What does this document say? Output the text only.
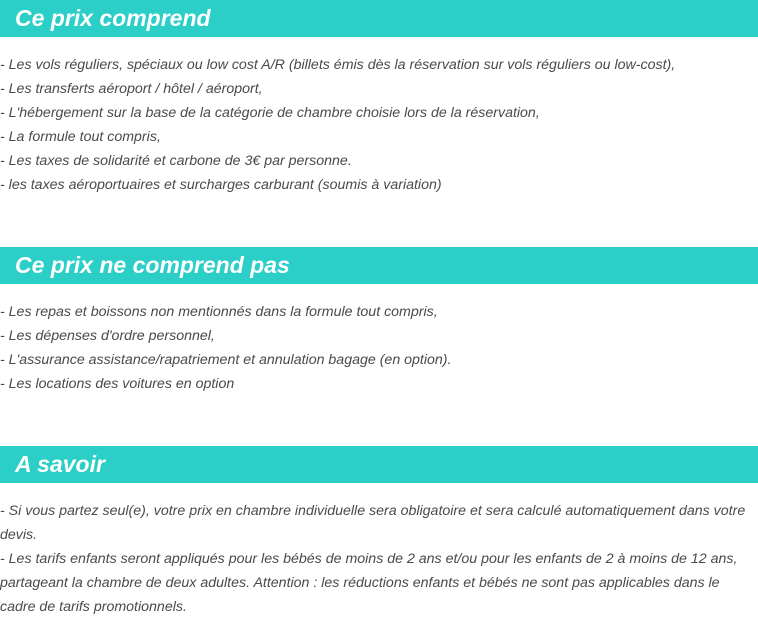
Ce prix comprend
- Les vols réguliers, spéciaux ou low cost A/R (billets émis dès la réservation sur vols réguliers ou low-cost),
- Les transferts aéroport / hôtel / aéroport,
- L'hébergement sur la base de la catégorie de chambre choisie lors de la réservation,
- La formule tout compris,
- Les taxes de solidarité et carbone de 3€ par personne.
- les taxes aéroportuaires et surcharges carburant (soumis à variation)
Ce prix ne comprend pas
- Les repas et boissons non mentionnés dans la formule tout compris,
- Les dépenses d'ordre personnel,
- L'assurance assistance/rapatriement et annulation bagage (en option).
- Les locations des voitures en option
A savoir
- Si vous partez seul(e), votre prix en chambre individuelle sera obligatoire et sera calculé automatiquement dans votre devis.
- Les tarifs enfants seront appliqués pour les bébés de moins de 2 ans et/ou pour les enfants de 2 à moins de 12 ans, partageant la chambre de deux adultes. Attention : les réductions enfants et bébés ne sont pas applicables dans le cadre de tarifs promotionnels.
